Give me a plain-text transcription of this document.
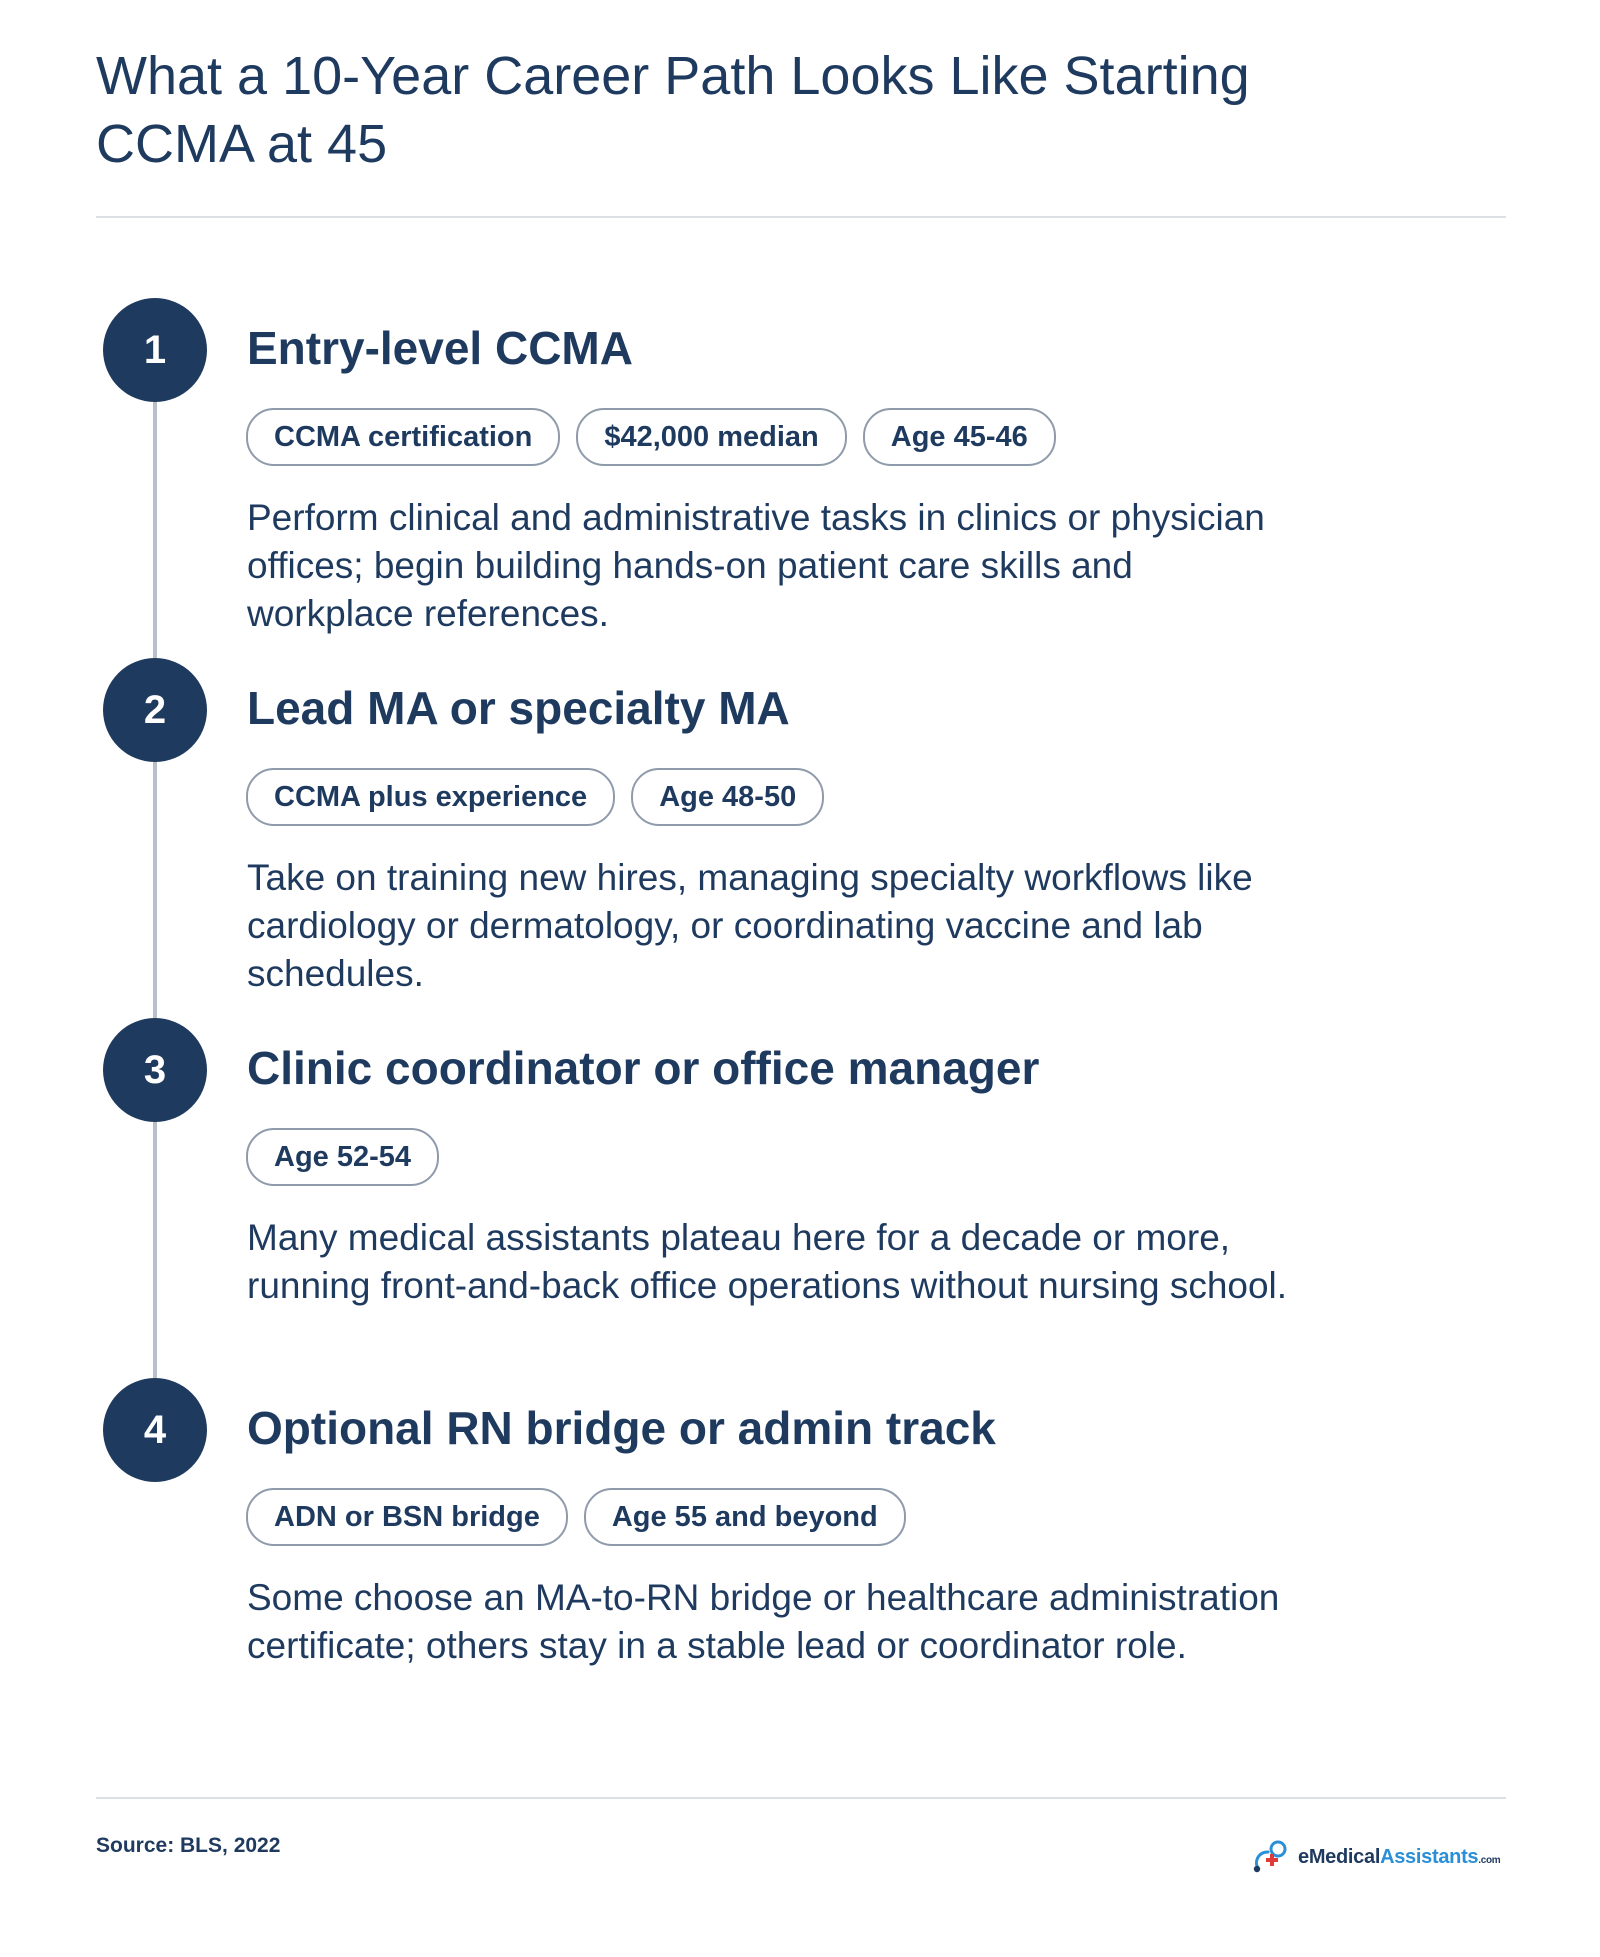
What a 10-Year Career Path Looks Like Starting
CCMA at 45
1	Entry-level CCMA
CCMA certification	$42,000 median	Age 45-46

Perform clinical and administrative tasks in clinics or physician offices; begin building hands-on patient care skills and workplace references.

2	Lead MA or specialty MA
CCMA plus experience	Age 48-50

Take on training new hires, managing specialty workflows like cardiology or dermatology, or coordinating vaccine and lab schedules.

3	Clinic coordinator or office manager
Age 52-54

Many medical assistants plateau here for a decade or more, running front-and-back office operations without nursing school.

4	Optional RN bridge or admin track
ADN or BSN bridge	Age 55 and beyond

Some choose an MA-to-RN bridge or healthcare administration certificate; others stay in a stable lead or coordinator role.

Source: BLS, 2022	eMedicalAssistants.com
